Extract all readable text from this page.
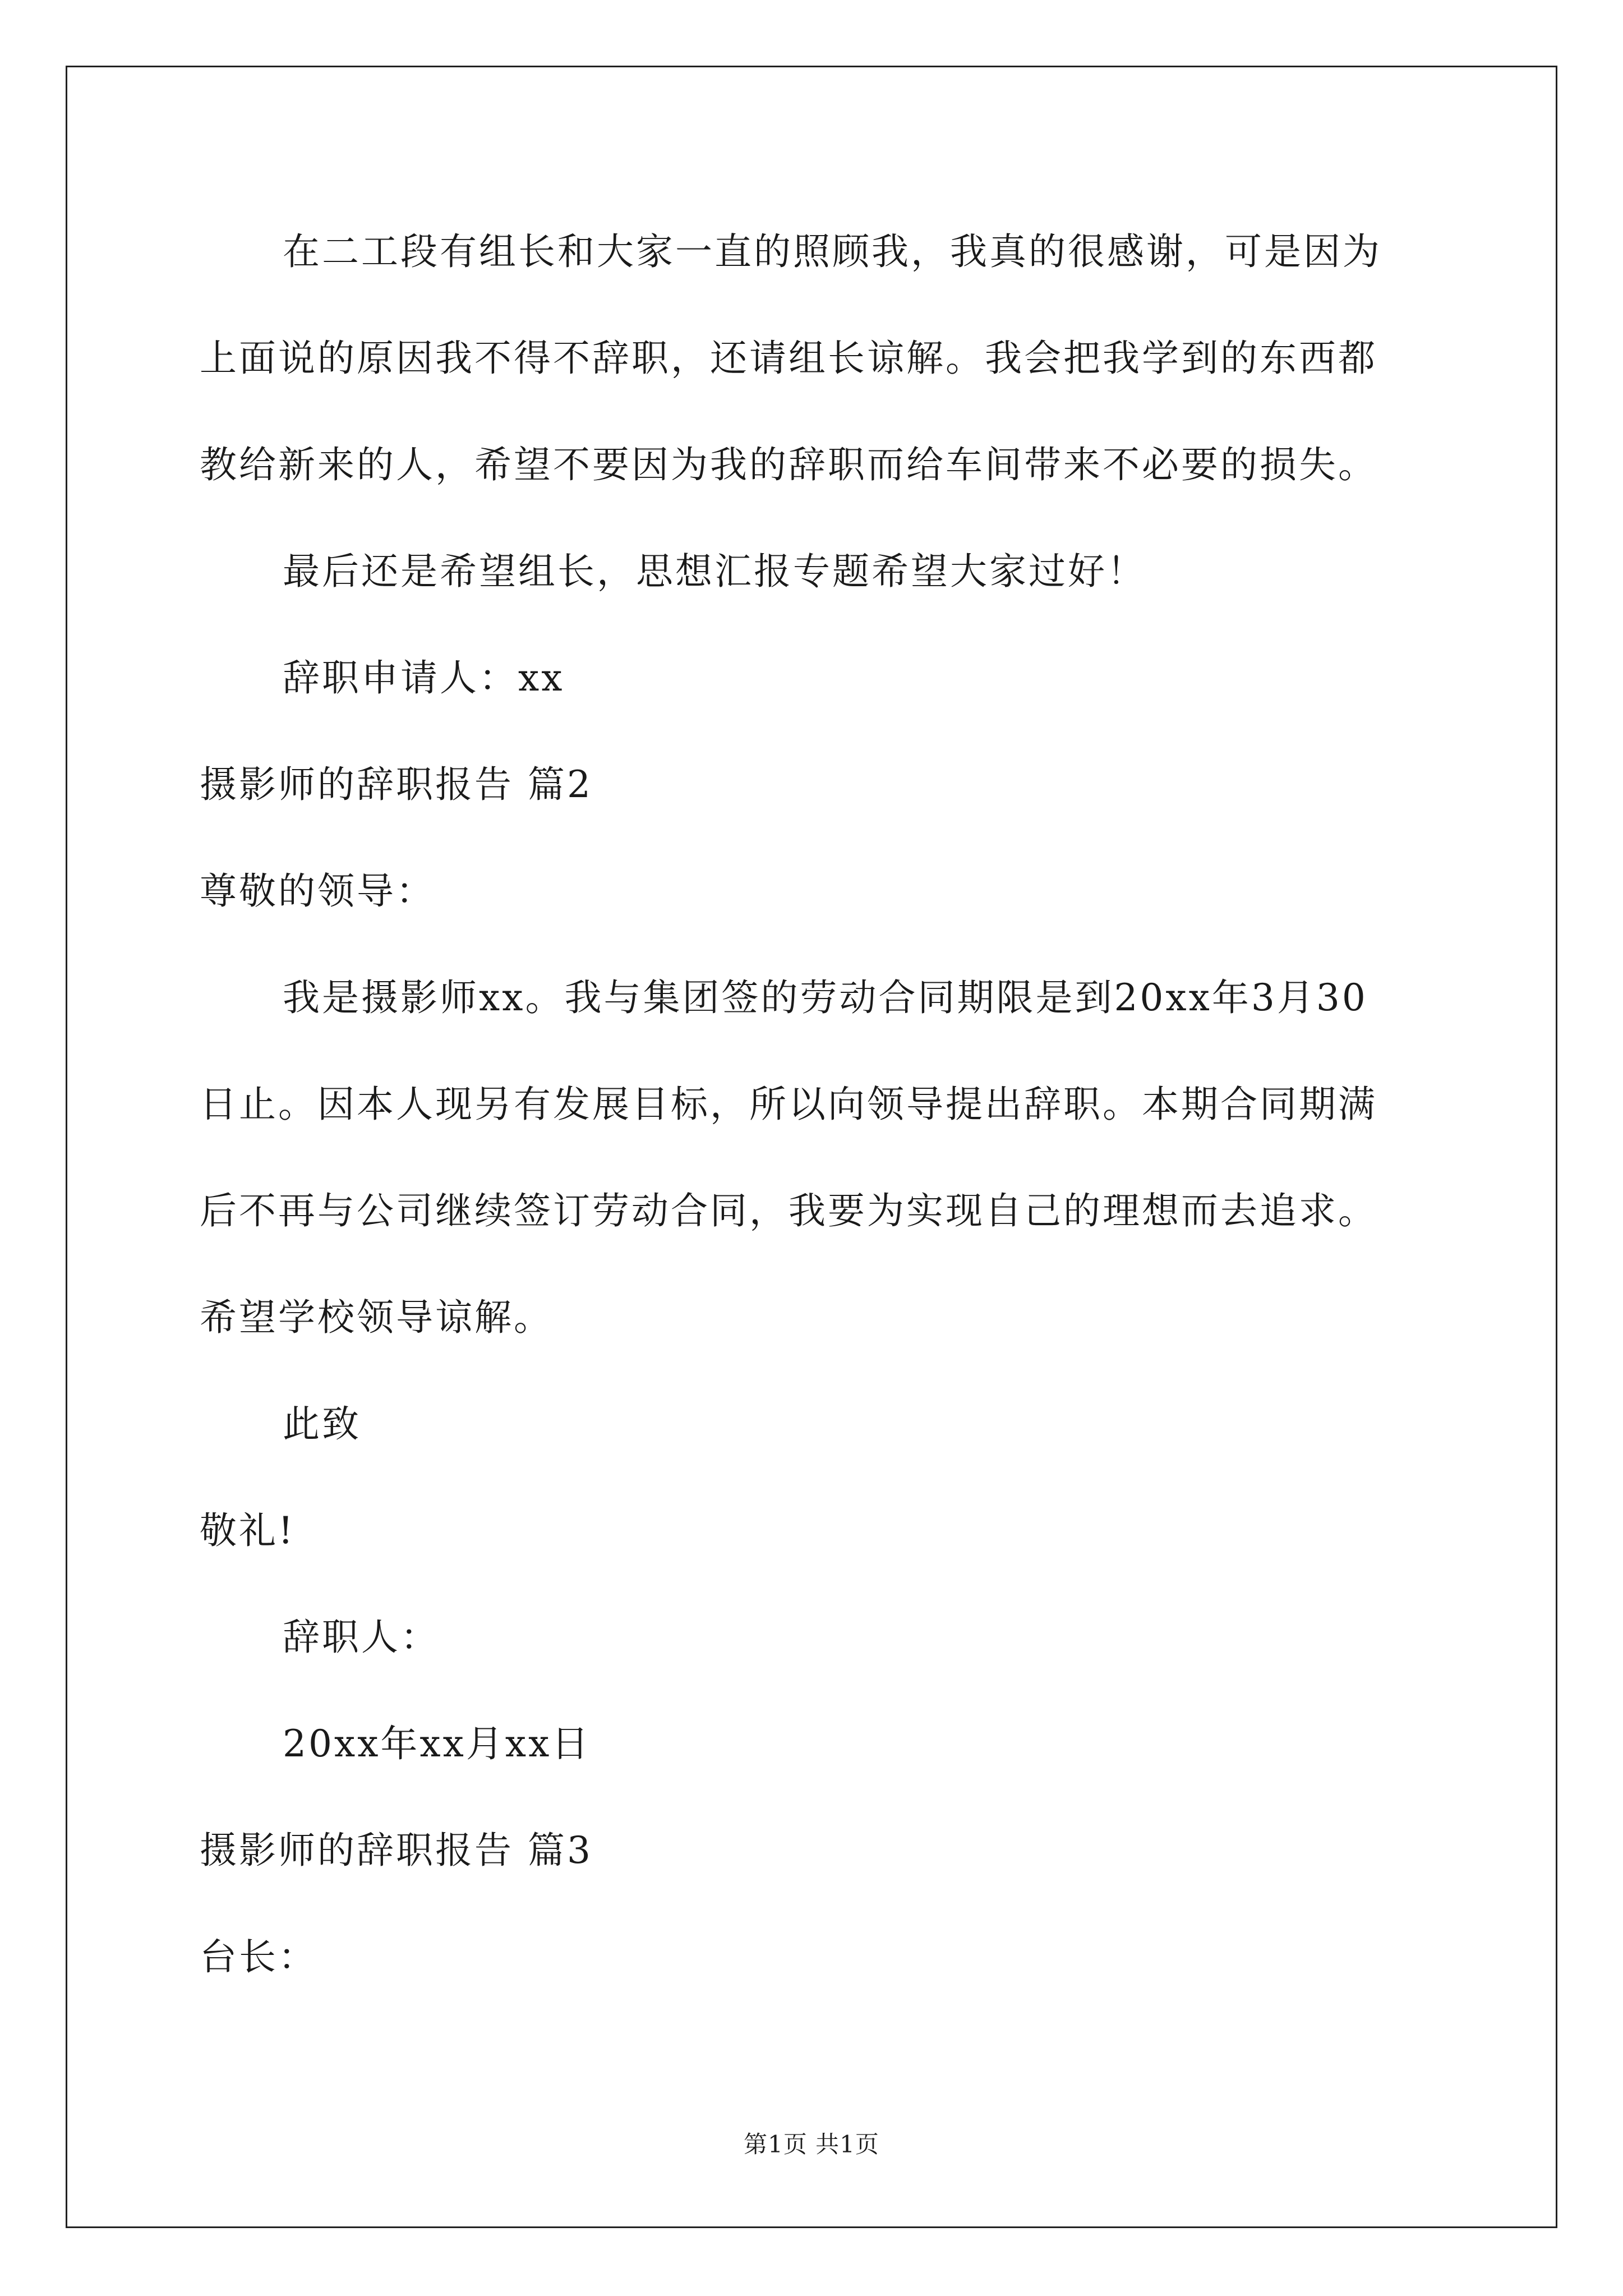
在二工段有组长和大家一直的照顾我，我真的很感谢，可是因为
上面说的原因我不得不辞职，还请组长谅解。我会把我学到的东西都
教给新来的人，希望不要因为我的辞职而给车间带来不必要的损失。
最后还是希望组长，思想汇报专题希望大家过好！
辞职申请人：xx
摄影师的辞职报告 篇2
尊敬的领导：
我是摄影师xx。我与集团签的劳动合同期限是到20xx年3月30
日止。因本人现另有发展目标，所以向领导提出辞职。本期合同期满
后不再与公司继续签订劳动合同，我要为实现自己的理想而去追求。
希望学校领导谅解。
此致
敬礼!
辞职人：
20xx年xx月xx日
摄影师的辞职报告 篇3
台长：
第1页 共1页
